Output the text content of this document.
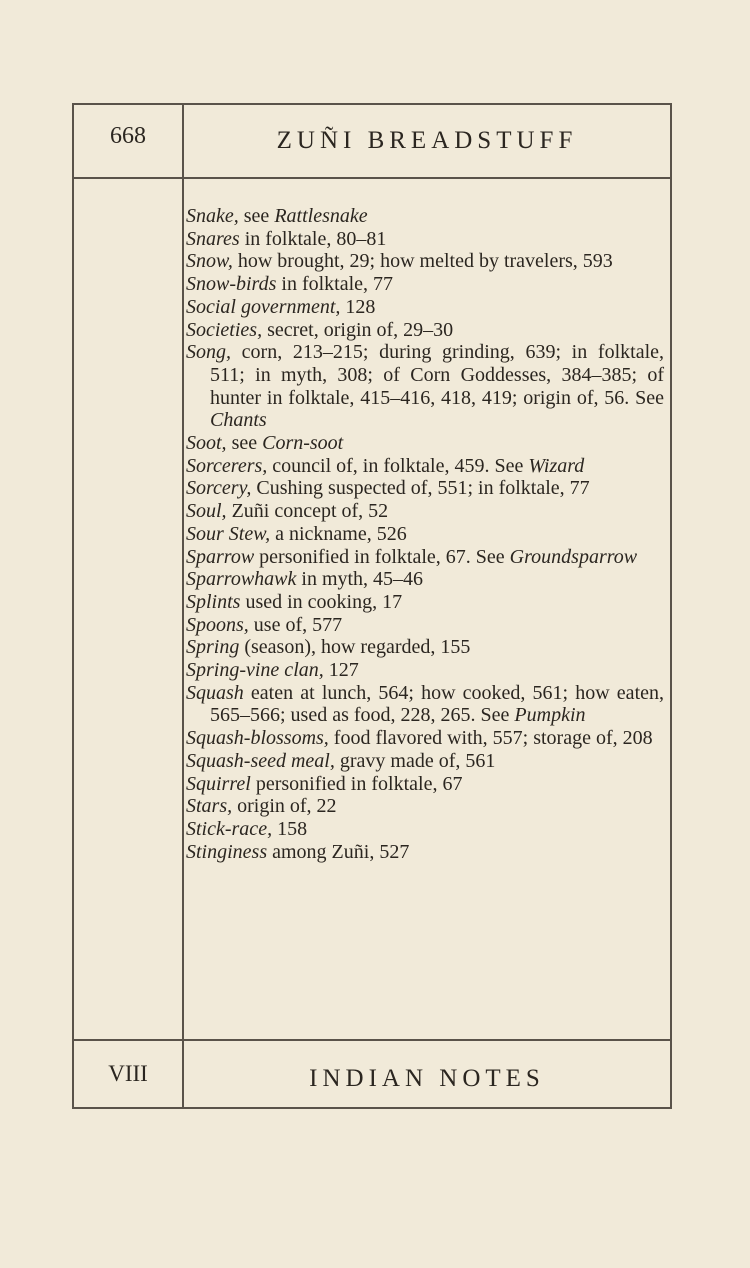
668	ZUÑI BREADSTUFF
Snake, see Rattlesnake
Snares in folktale, 80–81
Snow, how brought, 29; how melted by travelers, 593
Snow-birds in folktale, 77
Social government, 128
Societies, secret, origin of, 29–30
Song, corn, 213–215; during grinding, 639; in folktale, 511; in myth, 308; of Corn Goddesses, 384–385; of hunter in folktale, 415–416, 418, 419; origin of, 56. See Chants
Soot, see Corn-soot
Sorcerers, council of, in folktale, 459. See Wizard
Sorcery, Cushing suspected of, 551; in folktale, 77
Soul, Zuñi concept of, 52
Sour Stew, a nickname, 526
Sparrow personified in folktale, 67. See Groundsparrow
Sparrowhawk in myth, 45–46
Splints used in cooking, 17
Spoons, use of, 577
Spring (season), how regarded, 155
Spring-vine clan, 127
Squash eaten at lunch, 564; how cooked, 561; how eaten, 565–566; used as food, 228, 265. See Pumpkin
Squash-blossoms, food flavored with, 557; storage of, 208
Squash-seed meal, gravy made of, 561
Squirrel personified in folktale, 67
Stars, origin of, 22
Stick-race, 158
Stinginess among Zuñi, 527
VIII	INDIAN NOTES
